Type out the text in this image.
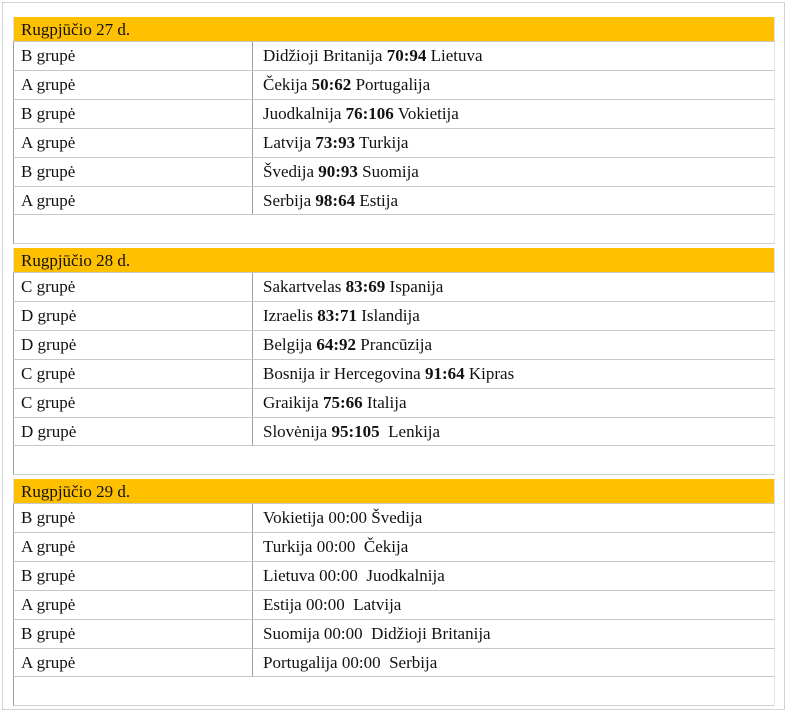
Rugpjūčio 27 d.
B grupė	Didžioji Britanija 70:94 Lietuva
A grupė	Čekija 50:62 Portugalija
B grupė	Juodkalnija 76:106 Vokietija
A grupė	Latvija 73:93 Turkija
B grupė	Švedija 90:93 Suomija
A grupė	Serbija 98:64 Estija
Rugpjūčio 28 d.
C grupė	Sakartvelas 83:69 Ispanija
D grupė	Izraelis 83:71 Islandija
D grupė	Belgija 64:92 Prancūzija
C grupė	Bosnija ir Hercegovina 91:64 Kipras
C grupė	Graikija 75:66 Italija
D grupė	Slovėnija 95:105  Lenkija
Rugpjūčio 29 d.
B grupė	Vokietija 00:00 Švedija
A grupė	Turkija 00:00  Čekija
B grupė	Lietuva 00:00  Juodkalnija
A grupė	Estija 00:00  Latvija
B grupė	Suomija 00:00  Didžioji Britanija
A grupė	Portugalija 00:00  Serbija
